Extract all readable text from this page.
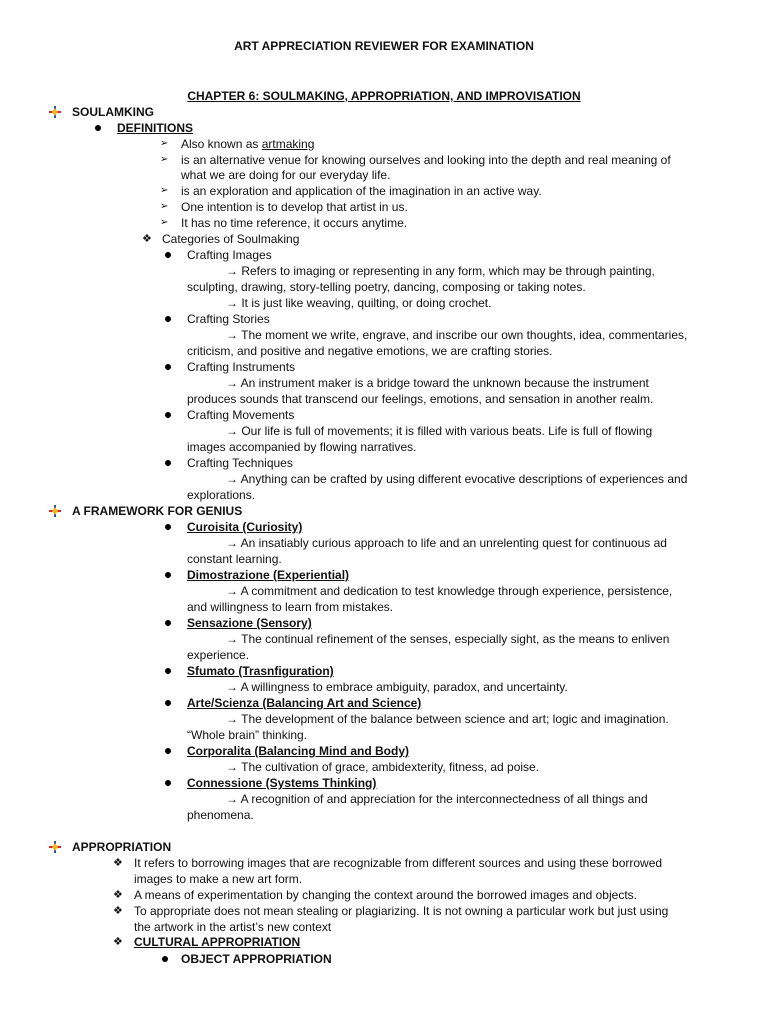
ART APPRECIATION REVIEWER FOR EXAMINATION
CHAPTER 6: SOULMAKING, APPROPRIATION, AND IMPROVISATION
SOULAMKING
DEFINITIONS
➢ Also known as artmaking
➢ is an alternative venue for knowing ourselves and looking into the depth and real meaning of
what we are doing for our everyday life.
➢ is an exploration and application of the imagination in an active way.
➢ One intention is to develop that artist in us.
➢ It has no time reference, it occurs anytime.
❖ Categories of Soulmaking
Crafting Images
→ Refers to imaging or representing in any form, which may be through painting,
sculpting, drawing, story-telling poetry, dancing, composing or taking notes.
→ It is just like weaving, quilting, or doing crochet.
Crafting Stories
→ The moment we write, engrave, and inscribe our own thoughts, idea, commentaries,
criticism, and positive and negative emotions, we are crafting stories.
Crafting Instruments
→ An instrument maker is a bridge toward the unknown because the instrument
produces sounds that transcend our feelings, emotions, and sensation in another realm.
Crafting Movements
→ Our life is full of movements; it is filled with various beats. Life is full of flowing
images accompanied by flowing narratives.
Crafting Techniques
→ Anything can be crafted by using different evocative descriptions of experiences and
explorations.
A FRAMEWORK FOR GENIUS
Curoisita (Curiosity)
→ An insatiably curious approach to life and an unrelenting quest for continuous ad
constant learning.
Dimostrazione (Experiential)
→ A commitment and dedication to test knowledge through experience, persistence,
and willingness to learn from mistakes.
Sensazione (Sensory)
→ The continual refinement of the senses, especially sight, as the means to enliven
experience.
Sfumato (Trasnfiguration)
→ A willingness to embrace ambiguity, paradox, and uncertainty.
Arte/Scienza (Balancing Art and Science)
→ The development of the balance between science and art; logic and imagination.
“Whole brain” thinking.
Corporalita (Balancing Mind and Body)
→ The cultivation of grace, ambidexterity, fitness, ad poise.
Connessione (Systems Thinking)
→ A recognition of and appreciation for the interconnectedness of all things and
phenomena.
APPROPRIATION
❖ It refers to borrowing images that are recognizable from different sources and using these borrowed
images to make a new art form.
❖ A means of experimentation by changing the context around the borrowed images and objects.
❖ To appropriate does not mean stealing or plagiarizing. It is not owning a particular work but just using
the artwork in the artist’s new context
❖ CULTURAL APPROPRIATION
OBJECT APPROPRIATION
